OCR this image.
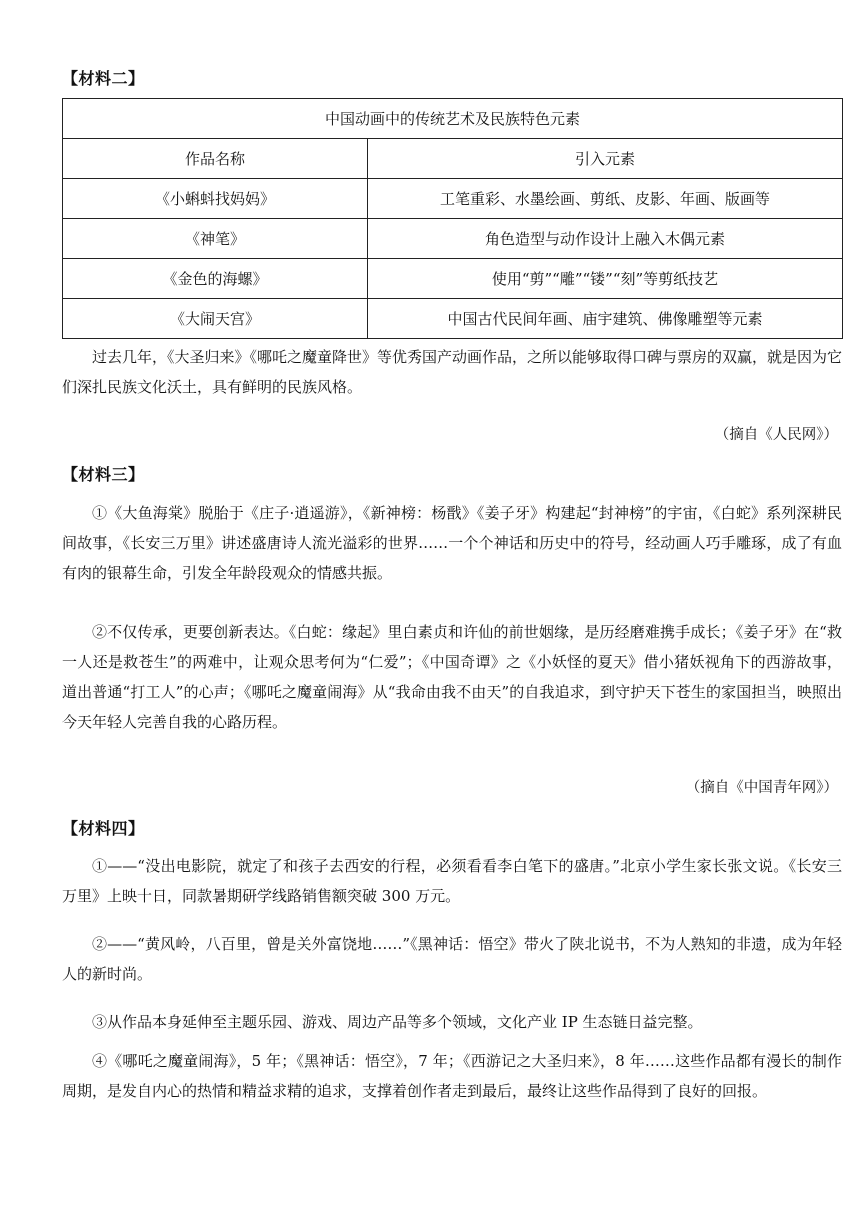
【材料二】
中国动画中的传统艺术及民族特色元素	
作品名称	引入元素
《小蝌蚪找妈妈》	工笔重彩、水墨绘画、剪纸、皮影、年画、版画等
《神笔》	角色造型与动作设计上融入木偶元素
《金色的海螺》	使用“剪”“雕”“镂”“刻”等剪纸技艺
《大闹天宫》	中国古代民间年画、庙宇建筑、佛像雕塑等元素

过去几年，《大圣归来》《哪吒之魔童降世》等优秀国产动画作品，之所以能够取得口碑与票房的双赢，就是因为它们深扎民族文化沃土，具有鲜明的民族风格。

（摘自《人民网》）
【材料三】

①《大鱼海棠》脱胎于《庄子·逍遥游》，《新神榜：杨戬》《姜子牙》构建起“封神榜”的宇宙，《白蛇》系列深耕民间故事，《长安三万里》讲述盛唐诗人流光溢彩的世界……一个个神话和历史中的符号，经动画人巧手雕琢，成了有血有肉的银幕生命，引发全年龄段观众的情感共振。

②不仅传承，更要创新表达。《白蛇：缘起》里白素贞和许仙的前世姻缘，是历经磨难携手成长；《姜子牙》在“救一人还是救苍生”的两难中，让观众思考何为“仁爱”；《中国奇谭》之《小妖怪的夏天》借小猪妖视角下的西游故事，道出普通“打工人”的心声；《哪吒之魔童闹海》从“我命由我不由天”的自我追求，到守护天下苍生的家国担当，映照出今天年轻人完善自我的心路历程。

（摘自《中国青年网》）
【材料四】

①——“没出电影院，就定了和孩子去西安的行程，必须看看李白笔下的盛唐。”北京小学生家长张文说。《长安三万里》上映十日，同款暑期研学线路销售额突破 300 万元。

②——“黄风岭，八百里，曾是关外富饶地……”《黑神话：悟空》带火了陕北说书，不为人熟知的非遗，成为年轻人的新时尚。

③从作品本身延伸至主题乐园、游戏、周边产品等多个领域，文化产业 IP 生态链日益完整。

④《哪吒之魔童闹海》，5 年；《黑神话：悟空》，7 年；《西游记之大圣归来》，8 年……这些作品都有漫长的制作周期，是发自内心的热情和精益求精的追求，支撑着创作者走到最后，最终让这些作品得到了良好的回报。
